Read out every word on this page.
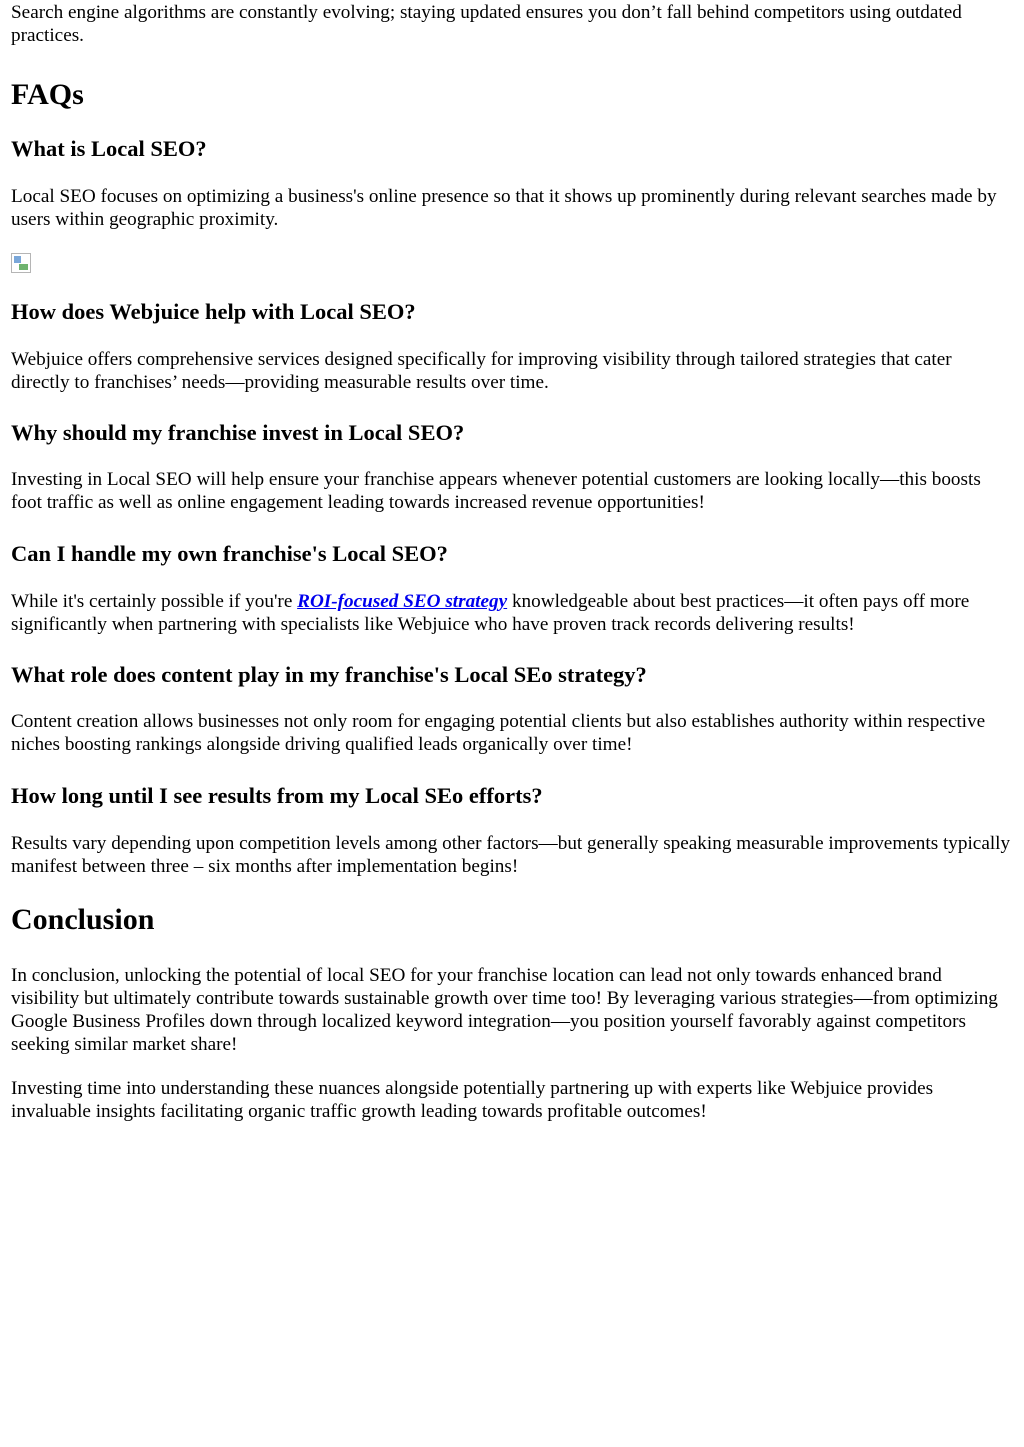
Search engine algorithms are constantly evolving; staying updated ensures you don’t fall behind competitors using outdated practices.

FAQs
What is Local SEO?

Local SEO focuses on optimizing a business's online presence so that it shows up prominently during relevant searches made by users within geographic proximity.

How does Webjuice help with Local SEO?

Webjuice offers comprehensive services designed specifically for improving visibility through tailored strategies that cater directly to franchises’ needs—providing measurable results over time.

Why should my franchise invest in Local SEO?

Investing in Local SEO will help ensure your franchise appears whenever potential customers are looking locally—this boosts foot traffic as well as online engagement leading towards increased revenue opportunities!

Can I handle my own franchise's Local SEO?

While it's certainly possible if you're ROI-focused SEO strategy knowledgeable about best practices—it often pays off more significantly when partnering with specialists like Webjuice who have proven track records delivering results!

What role does content play in my franchise's Local SEo strategy?

Content creation allows businesses not only room for engaging potential clients but also establishes authority within respective niches boosting rankings alongside driving qualified leads organically over time!

How long until I see results from my Local SEo efforts?

Results vary depending upon competition levels among other factors—but generally speaking measurable improvements typically manifest between three – six months after implementation begins!

Conclusion

In conclusion, unlocking the potential of local SEO for your franchise location can lead not only towards enhanced brand visibility but ultimately contribute towards sustainable growth over time too! By leveraging various strategies—from optimizing Google Business Profiles down through localized keyword integration—you position yourself favorably against competitors seeking similar market share!

Investing time into understanding these nuances alongside potentially partnering up with experts like Webjuice provides invaluable insights facilitating organic traffic growth leading towards profitable outcomes!
